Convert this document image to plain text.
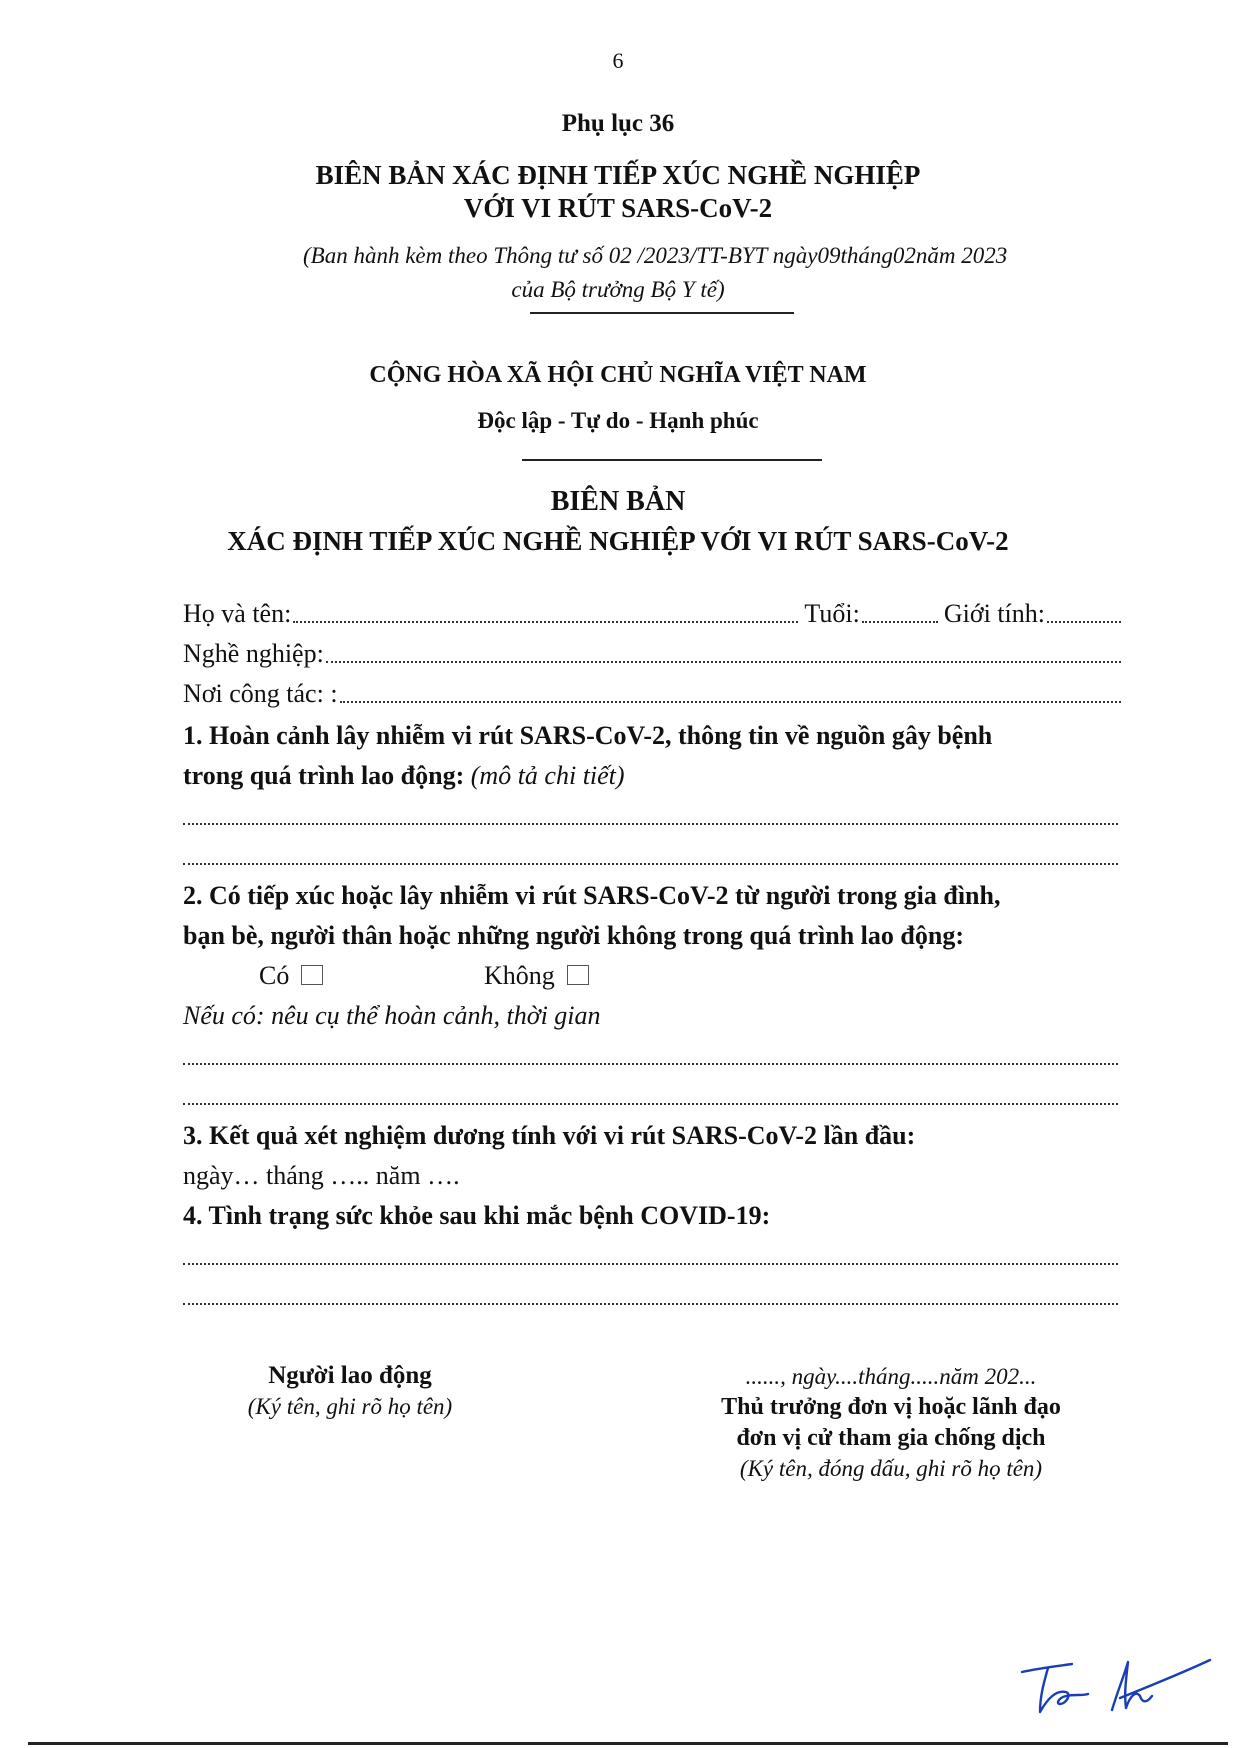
6
Phụ lục 36
BIÊN BẢN XÁC ĐỊNH TIẾP XÚC NGHỀ NGHIỆP
VỚI VI RÚT SARS-CoV-2
(Ban hành kèm theo Thông tư số 02 /2023/TT-BYT ngày09tháng02năm 2023
của Bộ trưởng Bộ Y tế)
CỘNG HÒA XÃ HỘI CHỦ NGHĨA VIỆT NAM
Độc lập - Tự do - Hạnh phúc
BIÊN BẢN
XÁC ĐỊNH TIẾP XÚC NGHỀ NGHIỆP VỚI VI RÚT SARS-CoV-2
Họ và tên:	Tuổi:	Giới tính:
Nghề nghiệp:
Nơi công tác: :
1. Hoàn cảnh lây nhiễm vi rút SARS-CoV-2, thông tin về nguồn gây bệnh
trong quá trình lao động: (mô tả chi tiết)
2. Có tiếp xúc hoặc lây nhiễm vi rút SARS-CoV-2 từ người trong gia đình,
bạn bè, người thân hoặc những người không trong quá trình lao động:
Có	Không
Nếu có: nêu cụ thể hoàn cảnh, thời gian
3. Kết quả xét nghiệm dương tính với vi rút SARS-CoV-2 lần đầu:
ngày… tháng ….. năm ….
4. Tình trạng sức khỏe sau khi mắc bệnh COVID-19:
Người lao động
(Ký tên, ghi rõ họ tên)
......, ngày....tháng.....năm 202...
Thủ trưởng đơn vị hoặc lãnh đạo
đơn vị cử tham gia chống dịch
(Ký tên, đóng dấu, ghi rõ họ tên)
